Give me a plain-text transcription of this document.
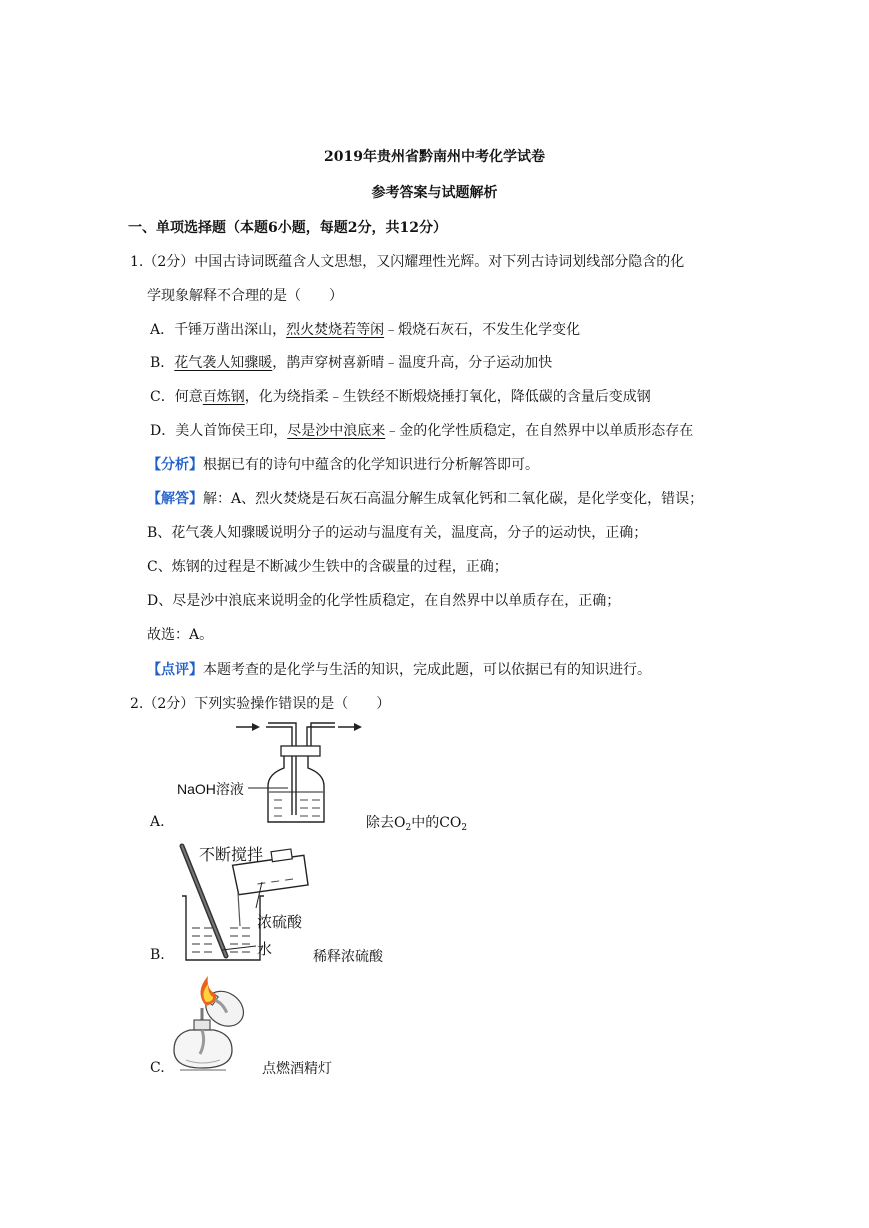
2019年贵州省黔南州中考化学试卷
参考答案与试题解析
一、单项选择题（本题6小题，每题2分，共12分）
1.（2分）中国古诗词既蕴含人文思想，又闪耀理性光辉。对下列古诗词划线部分隐含的化
学现象解释不合理的是（　　）
A．千锤万凿出深山，烈火焚烧若等闲﹣煅烧石灰石，不发生化学变化
B．花气袭人知骤暖，鹊声穿树喜新晴﹣温度升高，分子运动加快
C．何意百炼钢，化为绕指柔﹣生铁经不断煅烧捶打氧化，降低碳的含量后变成钢
D．美人首饰侯王印，尽是沙中浪底来﹣金的化学性质稳定，在自然界中以单质形态存在
【分析】根据已有的诗句中蕴含的化学知识进行分析解答即可。
【解答】解：A、烈火焚烧是石灰石高温分解生成氧化钙和二氧化碳，是化学变化，错误；
B、花气袭人知骤暖说明分子的运动与温度有关，温度高，分子的运动快，正确；
C、炼钢的过程是不断减少生铁中的含碳量的过程，正确；
D、尽是沙中浪底来说明金的化学性质稳定，在自然界中以单质存在，正确；
故选：A。
【点评】本题考查的是化学与生活的知识，完成此题，可以依据已有的知识进行。
2.（2分）下列实验操作错误的是（　　）
NaOH溶液
A.	除去$O_2$中的$CO_2$
不断搅拌
浓硫酸
水
B.	稀释浓硫酸
C.	点燃酒精灯
